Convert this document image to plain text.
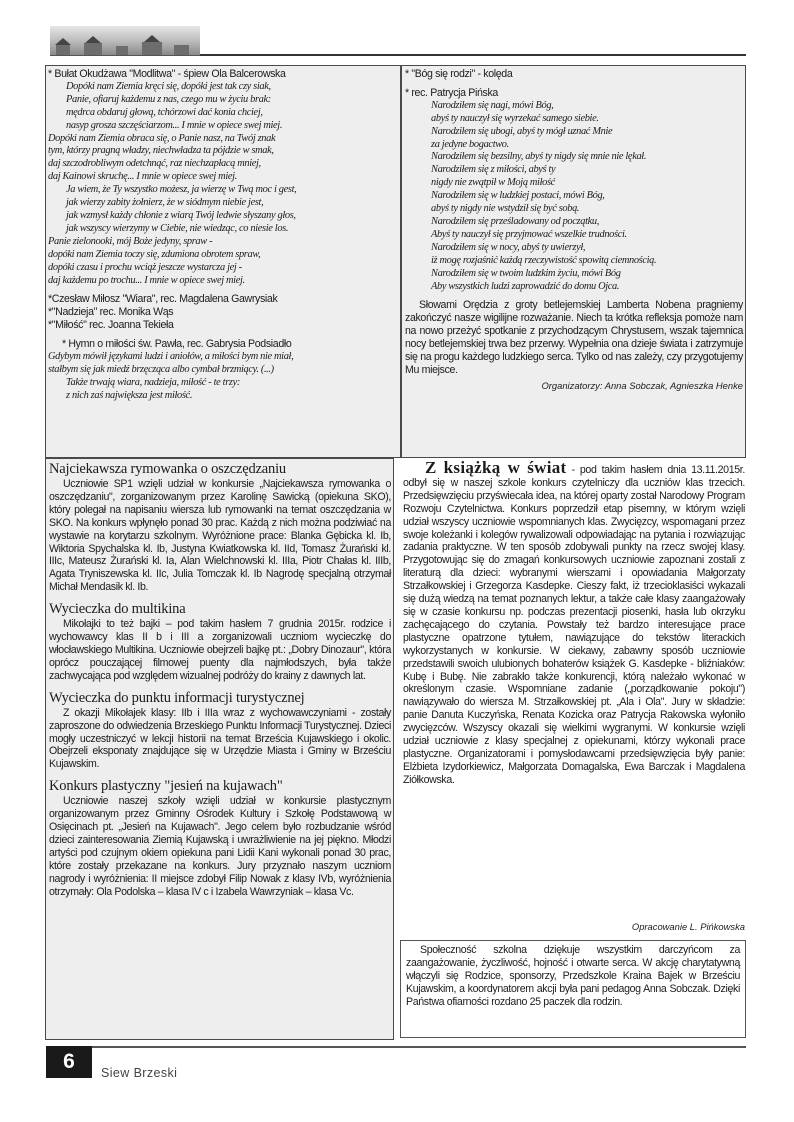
* Bułat Okudżawa "Modlitwa" - śpiew Ola Balcerowska
Dopóki nam Ziemia kręci się, dopóki jest tak czy siak,
Panie, ofiaruj każdemu z nas, czego mu w życiu brak:
mędrca obdaruj głową, tchórzowi dać konia chciej,
nasyp grosza szczęściarzom... I mnie w opiece swej miej.
Dopóki nam Ziemia obraca się, o Panie nasz, na Twój znak
tym, którzy pragną władzy, niechwładza ta pójdzie w smak,
daj szczodrobliwym odetchnąć, raz niechzapłacą mniej,
daj Kainowi skruchę... I mnie w opiece swej miej.
Ja wiem, że Ty wszystko możesz, ja wierzę w Twą moc i gest,
jak wierzy zabity żołnierz, że w siódmym niebie jest,
jak wzmysł każdy chłonie z wiarą Twój ledwie słyszany głos,
jak wszyscy wierzymy w Ciebie, nie wiedząc, co niesie los.
Panie zielonooki, mój Boże jedyny, spraw -
dopóki nam Ziemia toczy się, zdumiona obrotem spraw,
dopóki czasu i prochu wciąż jeszcze wystarcza jej -
daj każdemu po trochu... I mnie w opiece swej miej.
*Czesław Miłosz "Wiara", rec. Magdalena Gawrysiak
*"Nadzieja" rec. Monika Wąs
*"Miłość" rec. Joanna Tekieła
* Hymn o miłości św. Pawła, rec. Gabrysia Podsiadło
Gdybym mówił językami ludzi i aniołów, a miłości bym nie miał,
stałbym się jak miedź brzęcząca albo cymbał brzmiący. (...)
Także trwają wiara, nadzieja, miłość - te trzy:
z nich zaś największa jest miłość.
* "Bóg się rodzi" - kolęda
* rec. Patrycja Pińska
Narodziłem się nagi, mówi Bóg,
abyś ty nauczył się wyrzekać samego siebie.
Narodziłem się ubogi, abyś ty mógł uznać Mnie
za jedyne bogactwo.
Narodziłem się bezsilny, abyś ty nigdy się mnie nie lękał.
Narodziłem się z miłości, abyś ty
nigdy nie zwątpił w Moją miłość
Narodziłem się w ludzkiej postaci, mówi Bóg,
abyś ty nigdy nie wstydził się być sobą.
Narodziłem się prześladowany od początku,
Abyś ty nauczył się przyjmować wszelkie trudności.
Narodziłem się w nocy, abyś ty uwierzył,
iż mogę rozjaśnić każdą rzeczywistość spowitą ciemnością.
Narodziłem się w twoim ludzkim życiu, mówi Bóg
Aby wszystkich ludzi zaprowadzić do domu Ojca.
Słowami Orędzia z groty betlejemskiej Lamberta Nobena pragniemy zakończyć nasze wigilijne rozważanie. Niech ta krótka refleksja pomoże nam na nowo przeżyć spotkanie z przychodzącym Chrystusem, wszak tajemnica nocy betlejemskiej trwa bez przerwy. Wypełnia ona dzieje świata i zatrzymuje się na progu każdego ludzkiego serca. Tylko od nas zależy, czy przygotujemy Mu miejsce.
Organizatorzy: Anna Sobczak, Agnieszka Henke
Najciekawsza rymowanka o oszczędzaniu
Uczniowie SP1 wzięli udział w konkursie „Najciekawsza rymowanka o oszczędzaniu", zorganizowanym przez Karolinę Sawicką (opiekuna SKO), który polegał na napisaniu wiersza lub rymowanki na temat oszczędzania w SKO. Na konkurs wpłynęło ponad 30 prac. Każdą z nich można podziwiać na wystawie na korytarzu szkolnym. Wyróżnione prace: Blanka Gębicka kl. Ib, Wiktoria Spychalska kl. Ib, Justyna Kwiatkowska kl. IId, Tomasz Żurański kl. IIIc, Mateusz Żurański kl. Ia, Alan Wielchnowski kl. IIIa, Piotr Chałas kl. IIIb, Agata Tryniszewska kl. IIc, Julia Tomczak kl. Ib Nagrodę specjalną otrzymał Michał Mendasik kl. Ib.
Wycieczka do multikina
Mikołajki to też bajki – pod takim hasłem 7 grudnia 2015r. rodzice i wychowawcy klas II b i III a zorganizowali uczniom wycieczkę do włocławskiego Multikina. Uczniowie obejrzeli bajkę pt.: „Dobry Dinozaur", która oprócz pouczającej filmowej puenty dla najmłodszych, była także zachwycająca pod względem wizualnej podróży do krainy z dawnych lat.
Wycieczka do punktu informacji turystycznej
Z okazji Mikołajek klasy: IIb i IIIa wraz z wychowawczyniami - zostały zaproszone do odwiedzenia Brzeskiego Punktu Informacji Turystycznej. Dzieci mogły uczestniczyć w lekcji historii na temat Brześcia Kujawskiego i okolic. Obejrzeli eksponaty znajdujące się w Urzędzie Miasta i Gminy w Brześciu Kujawskim.
Konkurs plastyczny "jesień na kujawach"
Uczniowie naszej szkoły wzięli udział w konkursie plastycznym organizowanym przez Gminny Ośrodek Kultury i Szkołę Podstawową w Osięcinach pt. „Jesień na Kujawach". Jego celem było rozbudzanie wśród dzieci zainteresowania Ziemią Kujawską i uwrażliwienie na jej piękno. Młodzi artyści pod czujnym okiem opiekuna pani Lidii Kani wykonali ponad 30 prac, które zostały przekazane na konkurs. Jury przyznało naszym uczniom nagrody i wyróżnienia: II miejsce zdobył Filip Nowak z klasy IVb, wyróżnienia otrzymały: Ola Podolska – klasa IV c i Izabela Wawrzyniak – klasa Vc.
Z książką w świat - pod takim hasłem dnia 13.11.2015r. odbył się w naszej szkole konkurs czytelniczy dla uczniów klas trzecich. Przedsięwzięciu przyświecała idea, na której oparty został Narodowy Program Rozwoju Czytelnictwa. Konkurs poprzedził etap pisemny, w którym wzięli udział wszyscy uczniowie wspomnianych klas. Zwycięzcy, wspomagani przez swoje koleżanki i kolegów rywalizowali odpowiadając na pytania i rozwiązując zadania praktyczne. W ten sposób zdobywali punkty na rzecz swojej klasy. Przygotowując się do zmagań konkursowych uczniowie zapoznani zostali z literaturą dla dzieci: wybranymi wierszami i opowiadania Małgorzaty Strzałkowskiej i Grzegorza Kasdepke. Cieszy fakt, iż trzecioklasiści wykazali się dużą wiedzą na temat poznanych lektur, a także całe klasy zaangażowały się w czasie konkursu np. podczas prezentacji piosenki, hasła lub okrzyku zachęcającego do czytania. Powstały też bardzo interesujące prace plastyczne opatrzone tytułem, nawiązujące do tekstów literackich wykorzystanych w konkursie. W ciekawy, zabawny sposób uczniowie przedstawili swoich ulubionych bohaterów książek G. Kasdepke - bliźniaków: Kubę i Bubę. Nie zabrakło także konkurencji, którą należało wykonać w określonym czasie. Wspomniane zadanie („porządkowanie pokoju") nawiązywało do wiersza M. Strzałkowskiej pt. „Ala i Ola". Jury w składzie: panie Danuta Kuczyńska, Renata Kozicka oraz Patrycja Rakowska wyłoniło zwycięzców. Wszyscy okazali się wielkimi wygranymi. W konkursie wzięli udział uczniowie z klasy specjalnej z opiekunami, którzy wykonali prace plastyczne. Organizatorami i pomysłodawcami przedsięwzięcia były panie: Elżbieta Izydorkiewicz, Małgorzata Domagalska, Ewa Barczak i Magdalena Ziółkowska.
Opracowanie L. Pińkowska
Społeczność szkolna dziękuje wszystkim darczyńcom za zaangażowanie, życzliwość, hojność i otwarte serca. W akcję charytatywną włączyli się Rodzice, sponsorzy, Przedszkole Kraina Bajek w Brześciu Kujawskim, a koordynatorem akcji była pani pedagog Anna Sobczak. Dzięki Państwa ofiarności rozdano 25 paczek dla rodzin.
6	Siew Brzeski
